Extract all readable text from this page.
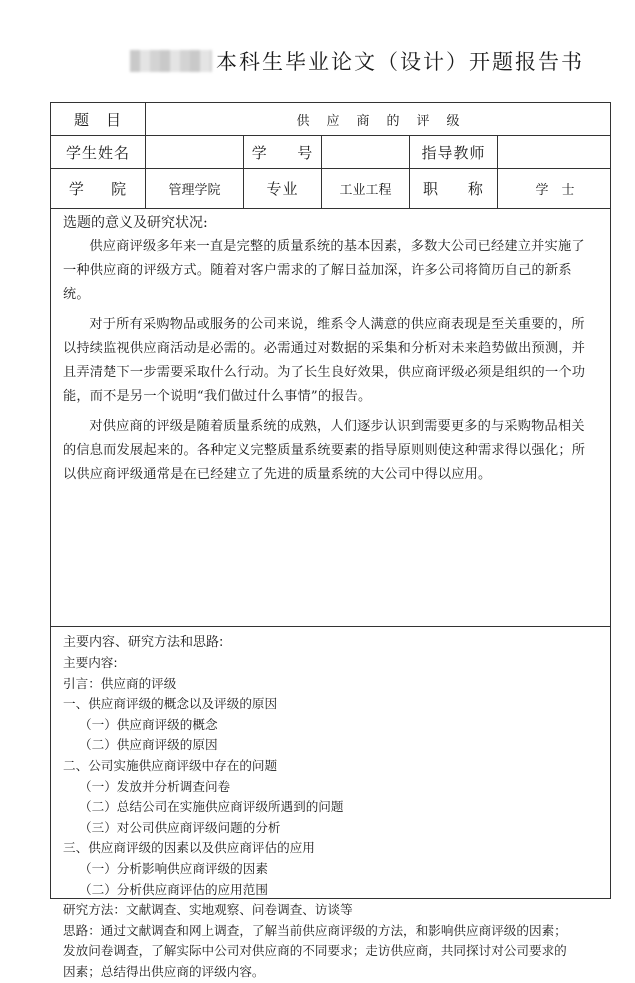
本科生毕业论文（设计）开题报告书
题　目	供　应　商　的　评　级
学生姓名	学 号	指导教师
学 院	管理学院	专业	工业工程	职 称	学　士

选题的意义及研究状况:

供应商评级多年来一直是完整的质量系统的基本因素，多数大公司已经建立并实施了一种供应商的评级方式。随着对客户需求的了解日益加深，许多公司将简历自己的新系统。

对于所有采购物品或服务的公司来说，维系令人满意的供应商表现是至关重要的，所以持续监视供应商活动是必需的。必需通过对数据的采集和分析对未来趋势做出预测，并且弄清楚下一步需要采取什么行动。为了长生良好效果，供应商评级必须是组织的一个功能，而不是另一个说明“我们做过什么事情”的报告。

对供应商的评级是随着质量系统的成熟，人们逐步认识到需要更多的与采购物品相关的信息而发展起来的。各种定义完整质量系统要素的指导原则则使这种需求得以强化；所以供应商评级通常是在已经建立了先进的质量系统的大公司中得以应用。

主要内容、研究方法和思路:

主要内容:

引言：供应商的评级

一、供应商评级的概念以及评级的原因

（一）供应商评级的概念

（二）供应商评级的原因

二、公司实施供应商评级中存在的问题

（一）发放并分析调查问卷

（二）总结公司在实施供应商评级所遇到的问题

（三）对公司供应商评级问题的分析

三、供应商评级的因素以及供应商评估的应用

（一）分析影响供应商评级的因素

（二）分析供应商评估的应用范围

研究方法：文献调查、实地观察、问卷调查、访谈等

思路：通过文献调查和网上调查，了解当前供应商评级的方法，和影响供应商评级的因素；

发放问卷调查，了解实际中公司对供应商的不同要求；走访供应商，共同探讨对公司要求的

因素；总结得出供应商的评级内容。
